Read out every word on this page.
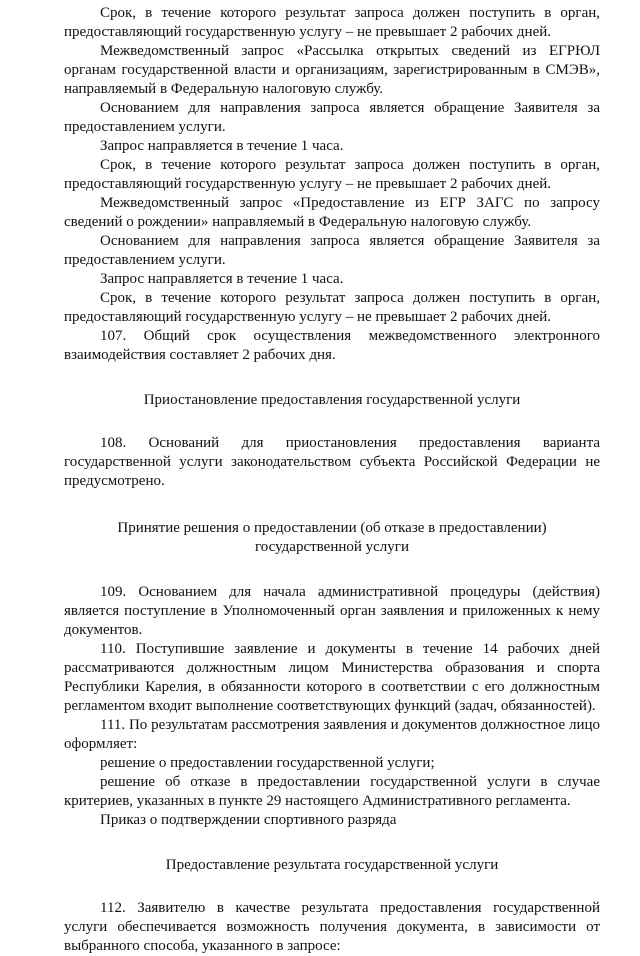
Срок, в течение которого результат запроса должен поступить в орган, предоставляющий государственную услугу – не превышает 2 рабочих дней.

Межведомственный запрос «Рассылка открытых сведений из ЕГРЮЛ органам государственной власти и организациям, зарегистрированным в СМЭВ», направляемый в Федеральную налоговую службу.

Основанием для направления запроса является обращение Заявителя за предоставлением услуги.

Запрос направляется в течение 1 часа.

Срок, в течение которого результат запроса должен поступить в орган, предоставляющий государственную услугу – не превышает 2 рабочих дней.

Межведомственный запрос «Предоставление из ЕГР ЗАГС по запросу сведений о рождении» направляемый в Федеральную налоговую службу.

Основанием для направления запроса является обращение Заявителя за предоставлением услуги.

Запрос направляется в течение 1 часа.

Срок, в течение которого результат запроса должен поступить в орган, предоставляющий государственную услугу – не превышает 2 рабочих дней.

107. Общий срок осуществления межведомственного электронного взаимодействия составляет 2 рабочих дня.

Приостановление предоставления государственной услуги

108. Оснований для приостановления предоставления варианта государственной услуги законодательством субъекта Российской Федерации не предусмотрено.

Принятие решения о предоставлении (об отказе в предоставлении)
государственной услуги

109. Основанием для начала административной процедуры (действия) является поступление в Уполномоченный орган заявления и приложенных к нему документов.

110. Поступившие заявление и документы в течение 14 рабочих дней рассматриваются должностным лицом Министерства образования и спорта Республики Карелия, в обязанности которого в соответствии с его должностным регламентом входит выполнение соответствующих функций (задач, обязанностей).

111. По результатам рассмотрения заявления и документов должностное лицо оформляет:

решение о предоставлении государственной услуги;

решение об отказе в предоставлении государственной услуги в случае критериев, указанных в пункте 29 настоящего Административного регламента.

Приказ о подтверждении спортивного разряда

Предоставление результата государственной услуги

112. Заявителю в качестве результата предоставления государственной услуги обеспечивается возможность получения документа, в зависимости от выбранного способа, указанного в запросе:
